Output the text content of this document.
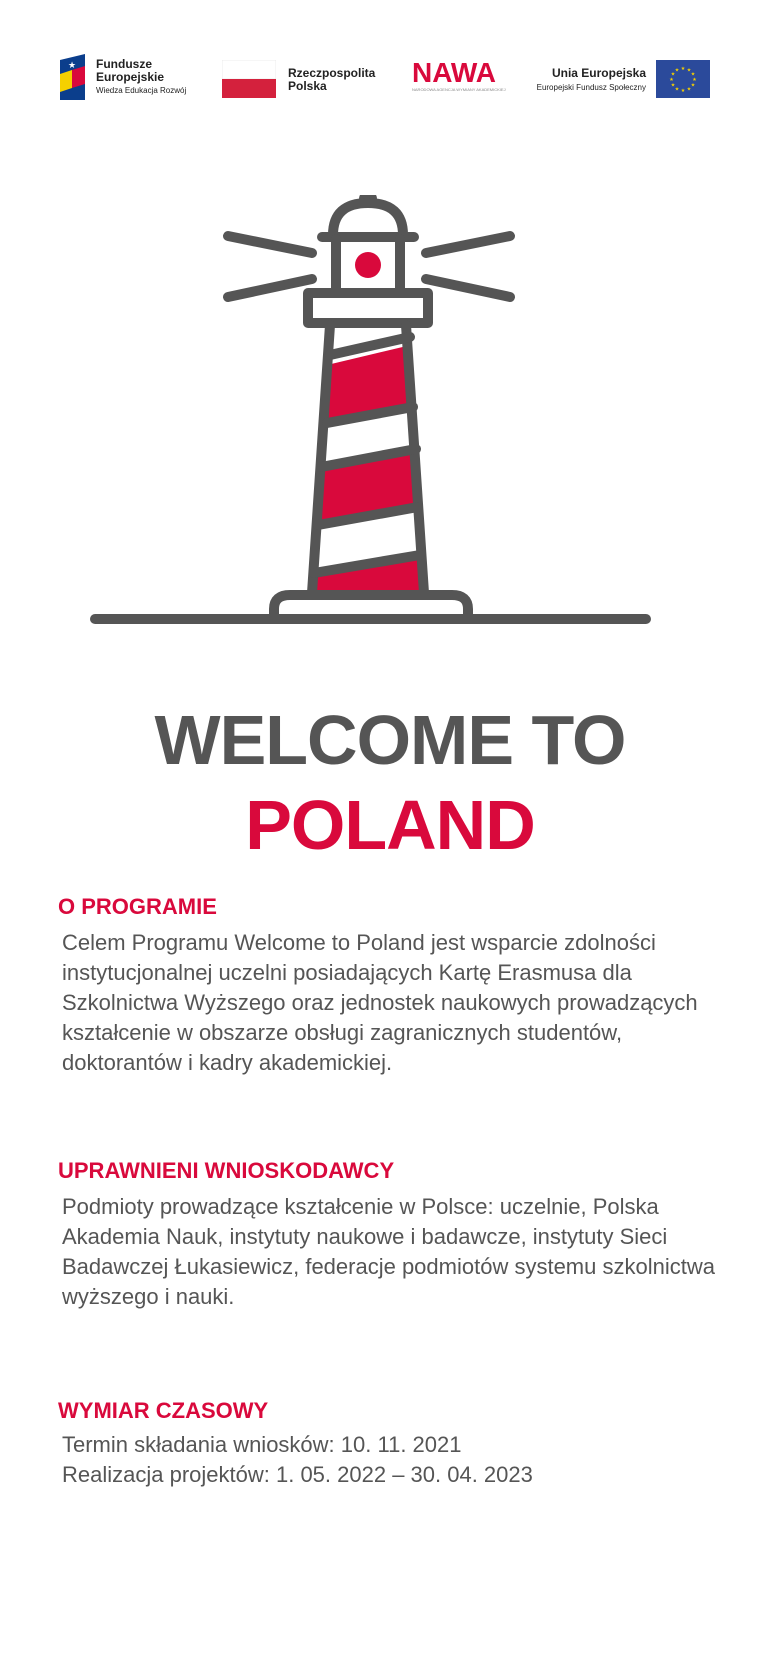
★ Fundusze Europejskie
Wiedza Edukacja Rozwój
Rzeczpospolita Polska	NAWA
NARODOWA AGENCJA WYMIANY AKADEMICKIEJ
Unia Europejska
Europejski Fundusz Społeczny
★ ★
★
★
★
★
★
★
★
★
★
★
WELCOME TO
POLAND
O PROGRAMIE
Celem Programu Welcome to Poland jest wsparcie zdolności instytucjonalnej uczelni posiadających Kartę Erasmusa dla Szkolnictwa Wyższego oraz jednostek naukowych prowadzących kształcenie w obszarze obsługi zagranicznych studentów, doktorantów i kadry akademickiej.
UPRAWNIENI WNIOSKODAWCY
Podmioty prowadzące kształcenie w Polsce: uczelnie, Polska Akademia Nauk, instytuty naukowe i badawcze, instytuty Sieci Badawczej Łukasiewicz, federacje podmiotów systemu szkolnictwa wyższego i nauki.
WYMIAR CZASOWY
Termin składania wniosków: 10. 11. 2021
Realizacja projektów: 1. 05. 2022 – 30. 04. 2023
